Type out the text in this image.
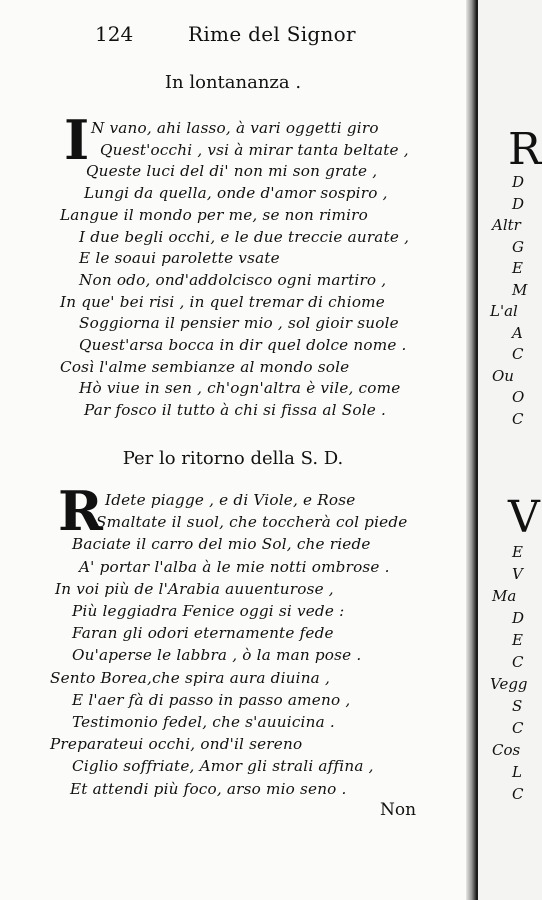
124	Rime del Signor
In lontananza .
I N vano, ahi lasso, à vari oggetti giro
Quest'occhi , vsi à mirar tanta beltate ,
Queste luci del di' non mi son grate ,
Lungi da quella, onde d'amor sospiro ,
Langue il mondo per me, se non rimiro
I due begli occhi, e le due treccie aurate ,
E le soaui parolette vsate
Non odo, ond'addolcisco ogni martiro ,
In que' bei risi , in quel tremar di chiome
Soggiorna il pensier mio , sol gioir suole
Quest'arsa bocca in dir quel dolce nome .
Così l'alme sembianze al mondo sole
Hò viue in sen , ch'ogn'altra è vile, come
Par fosco il tutto à chi si fissa al Sole .
Per lo ritorno della S. D.
R Idete piagge , e di Viole, e Rose
Smaltate il suol, che toccherà col piede
Baciate il carro del mio Sol, che riede
A' portar l'alba à le mie notti ombrose .
In voi più de l'Arabia auuenturose ,
Più leggiadra Fenice oggi si vede :
Faran gli odori eternamente fede
Ou'aperse le labbra , ò la man pose .
Sento Borea,che spira aura diuina ,
E l'aer fà di passo in passo ameno ,
Testimonio fedel, che s'auuicina .
Preparateui occhi, ond'il sereno
Ciglio soffriate, Amor gli strali affina ,
Et attendi più foco, arso mio seno .
Non
R
V
D
D
Altr
G
E
M
L'al
A
C
Ou
O
C
E
V
Ma
D
E
C
Vegg
S
C
Cos
L
C
